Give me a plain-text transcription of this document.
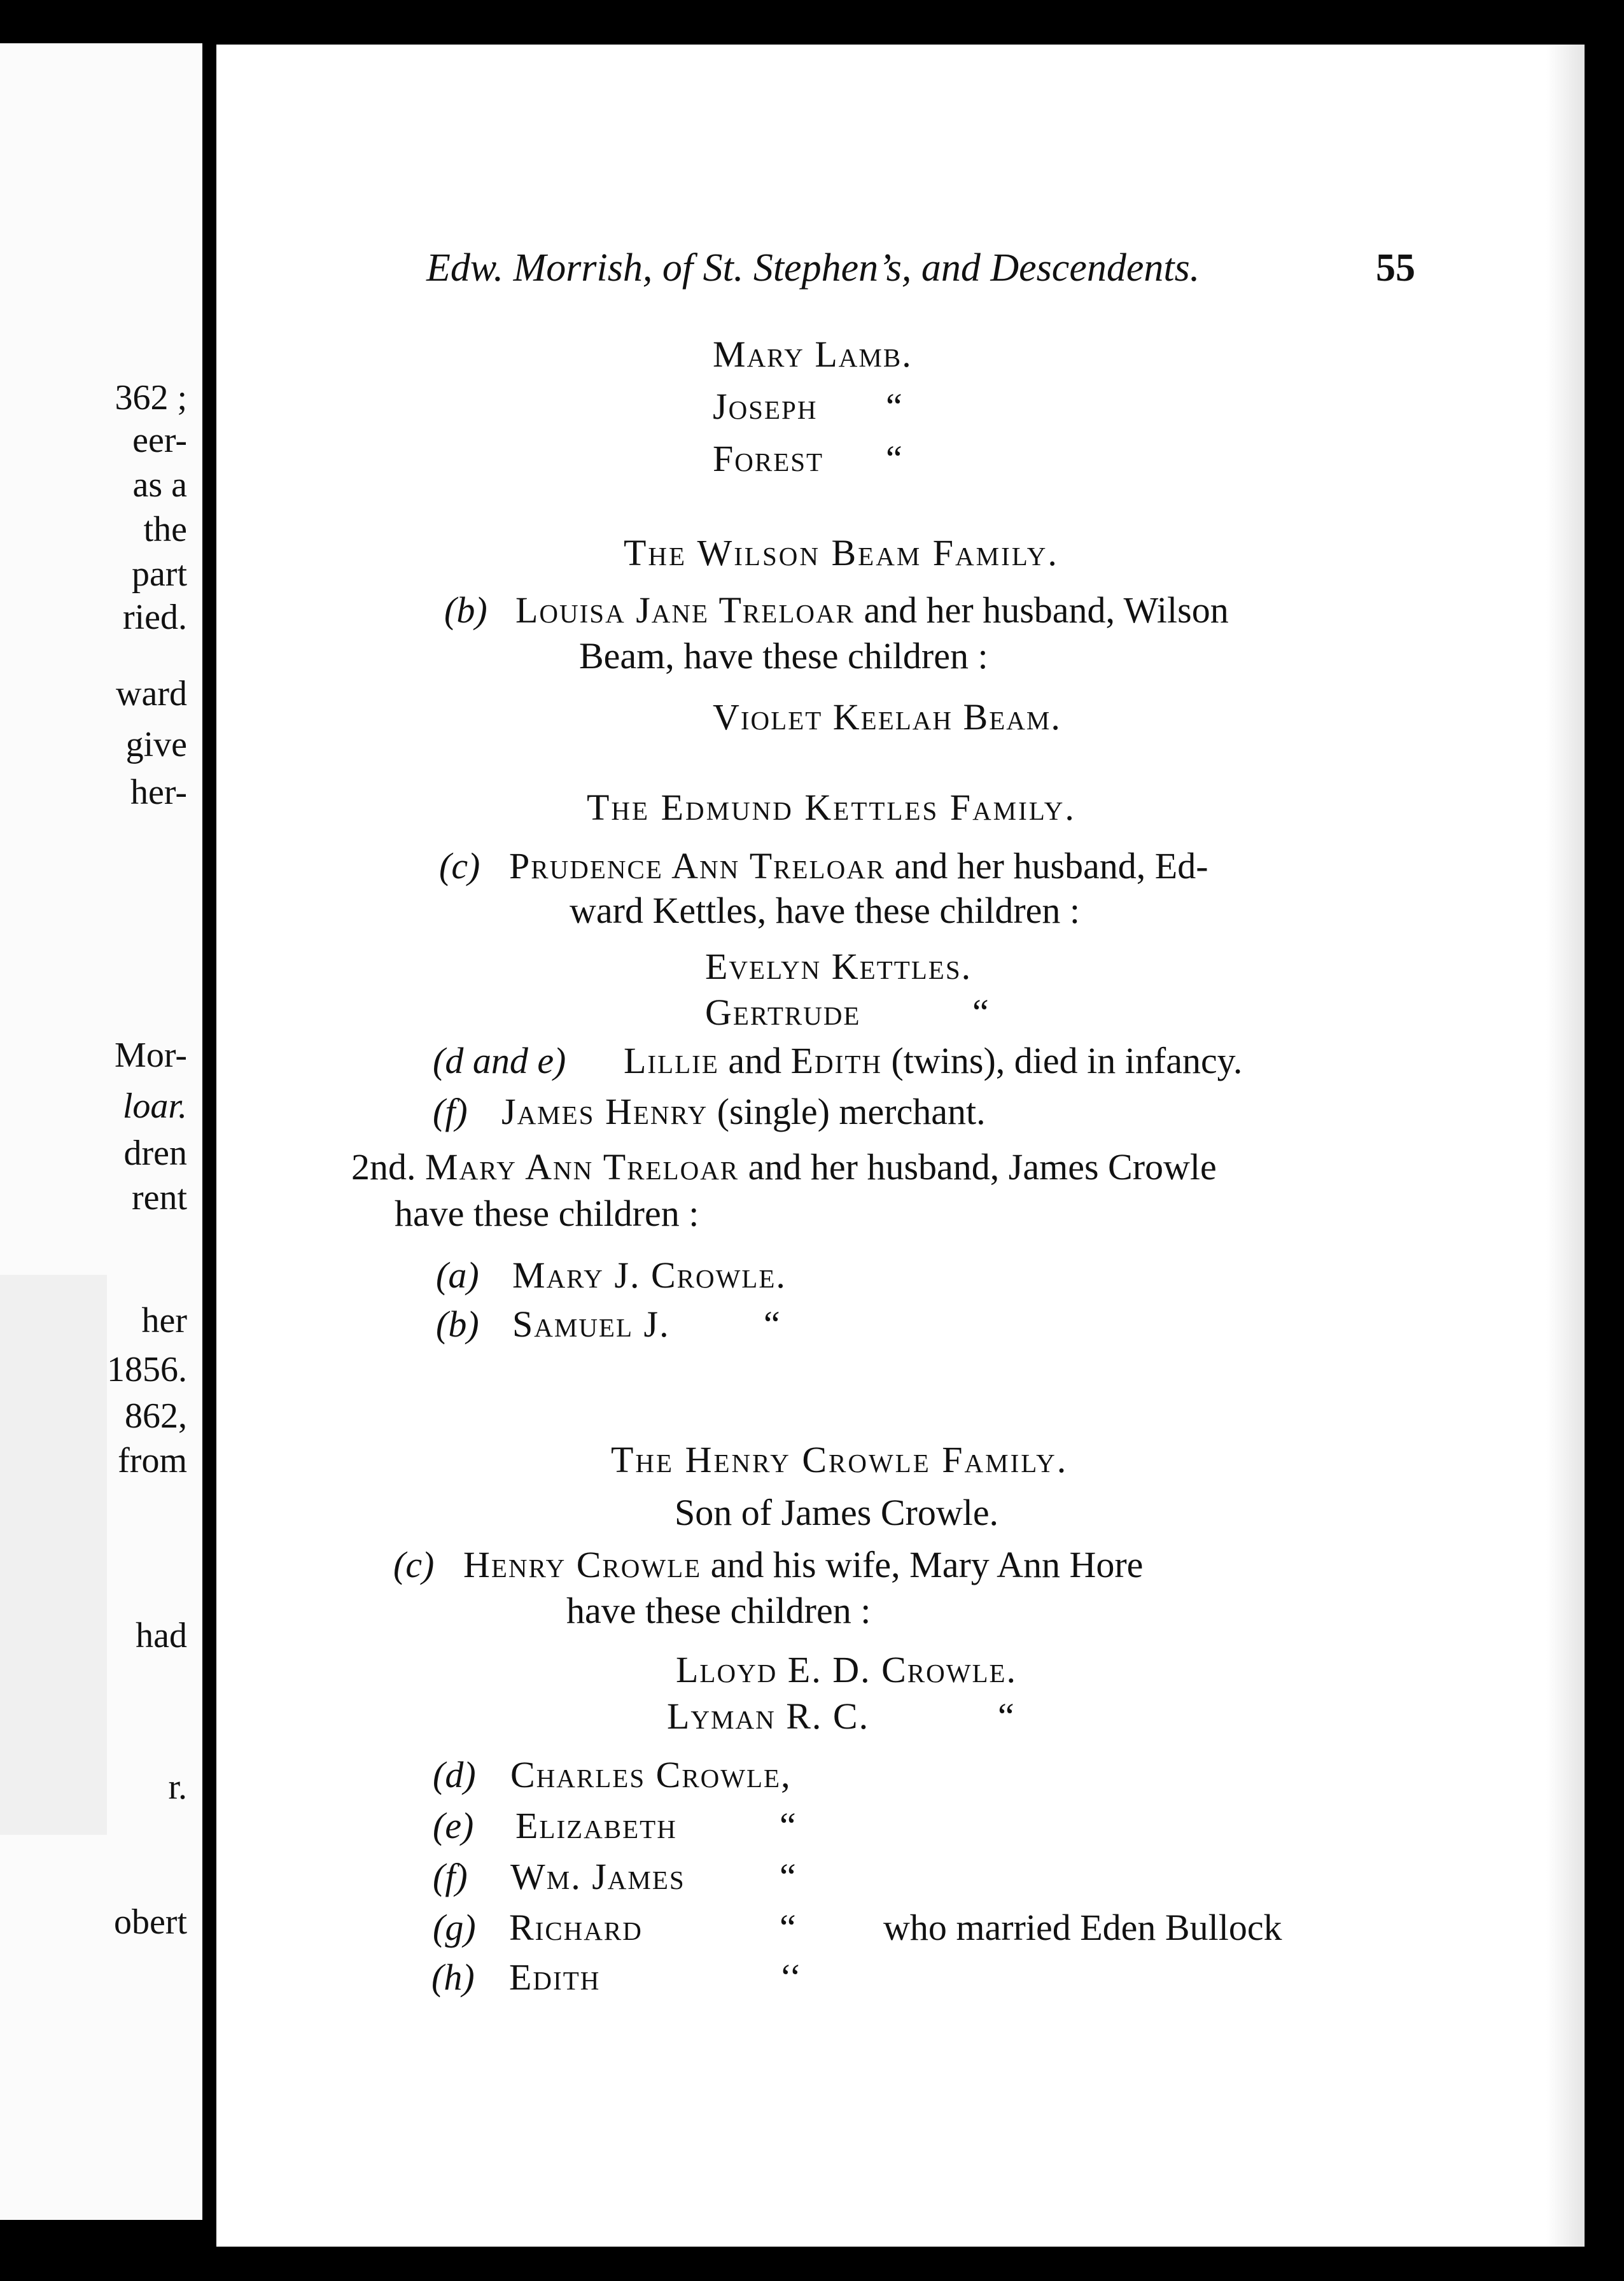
362 ;
eer-
as a
the
part
ried.
ward
give
her-
Mor-
loar.
dren
rent
her
1856.
862,
from
had
r.
obert
Edw. Morrish, of St. Stephen’s, and Descendents.	55
Mary Lamb.
Joseph “
Forest “
The Wilson Beam Family.
(b) Louisa Jane Treloar and her husband, Wilson
Beam, have these children :
Violet Keelah Beam.
The Edmund Kettles Family.
(c) Prudence Ann Treloar and her husband, Ed-
ward Kettles, have these children :
Evelyn Kettles.
Gertrude	“
(d and e) Lillie and Edith (twins), died in infancy.
(f) James Henry (single) merchant.
2nd. Mary Ann Treloar and her husband, James Crowle
have these children :
(a) Mary J. Crowle.
(b) Samuel J.	“
The Henry Crowle Family.
Son of James Crowle.
(c) Henry Crowle and his wife, Mary Ann Hore
have these children :
Lloyd E. D. Crowle.
Lyman R. C.	“
(d) Charles Crowle,
(e) Elizabeth	“
(f) Wm. James	“
(g) Richard	“ who married Eden Bullock
(h) Edith	‘‘
